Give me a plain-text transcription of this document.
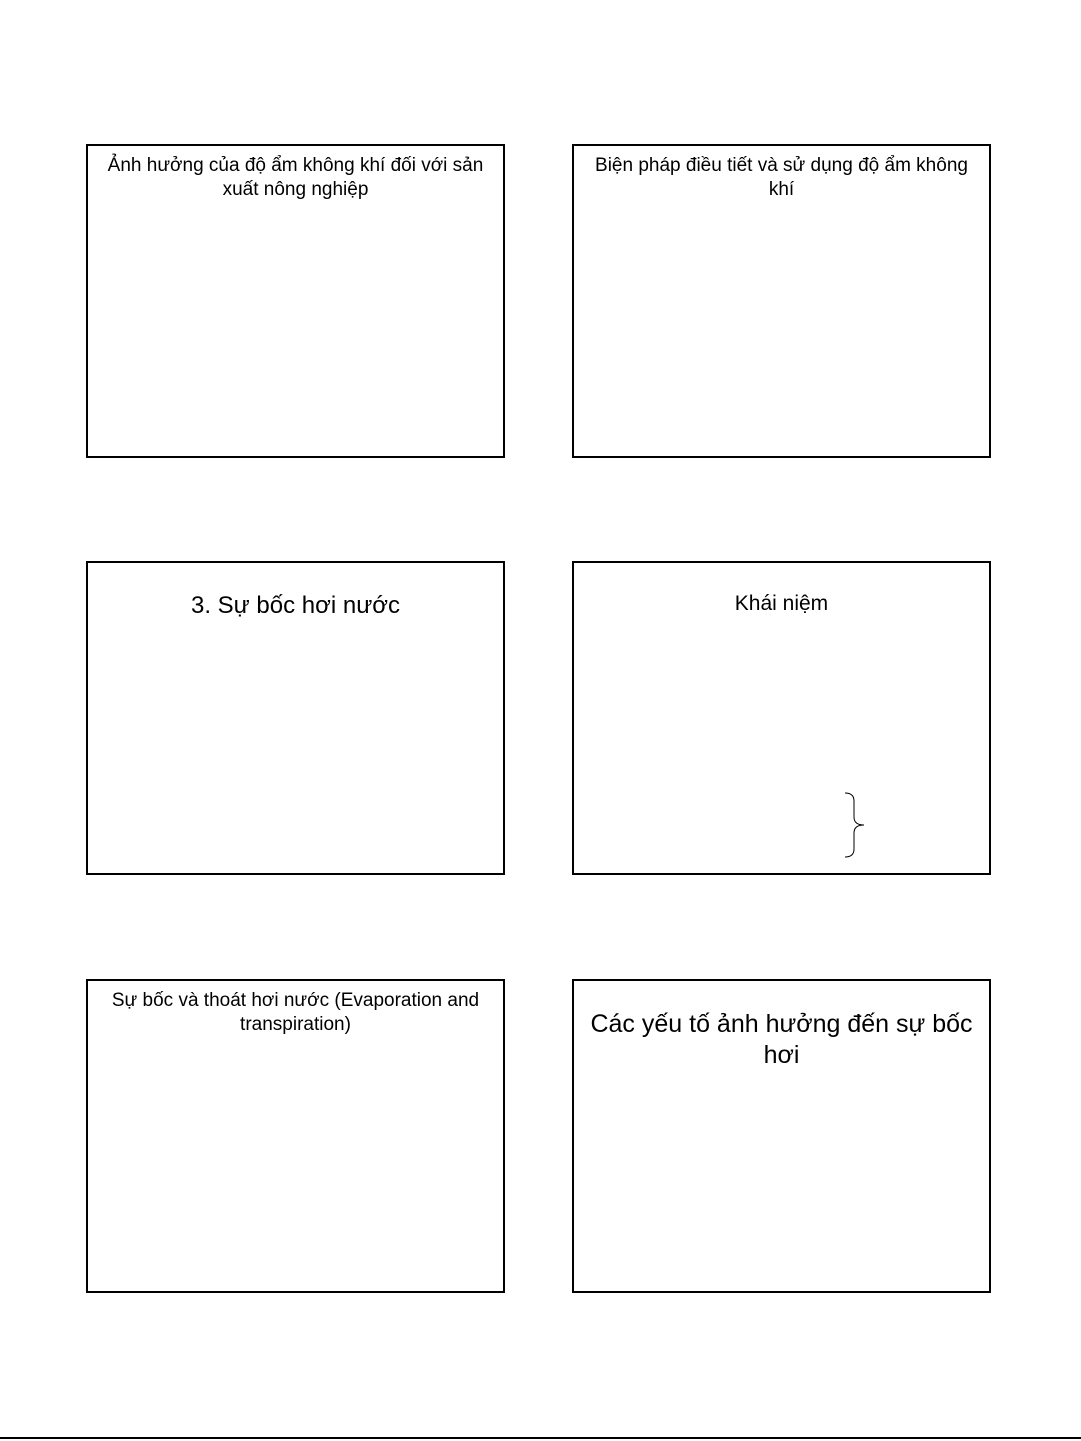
Ảnh hưởng của độ ẩm không khí đối với sản xuất nông nghiệp
Biện pháp điều tiết và sử dụng độ ẩm không khí
3. Sự bốc hơi nước	Khái niệm
Sự bốc và thoát hơi nước (Evaporation and transpiration)	Các yếu tố ảnh hưởng đến sự bốc hơi
